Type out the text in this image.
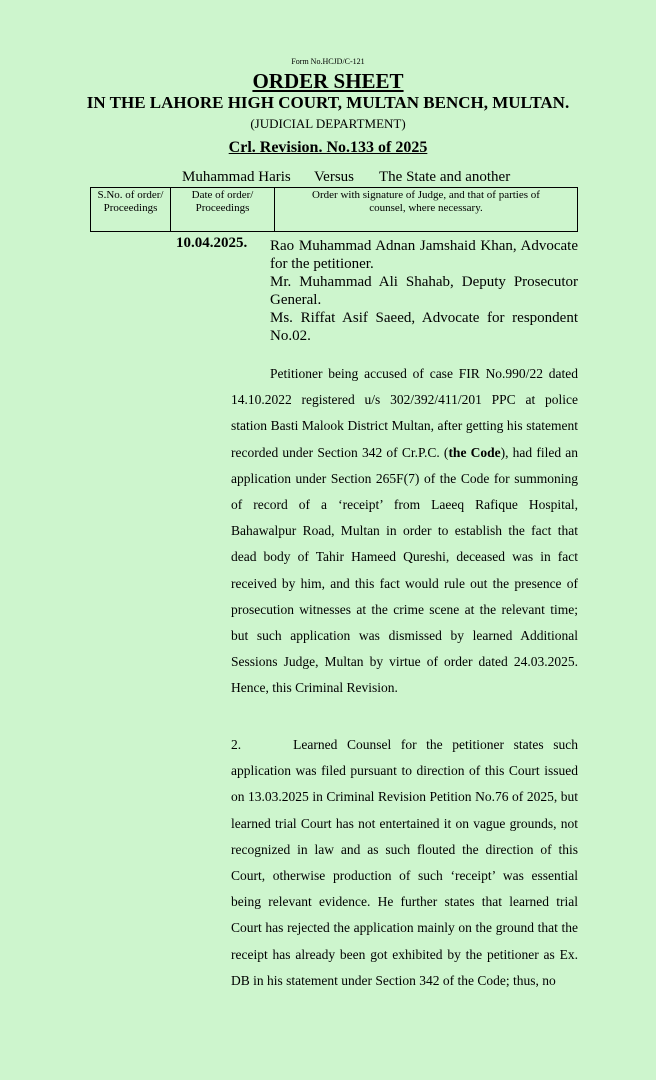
Form No.HCJD/C-121
ORDER SHEET
IN THE LAHORE HIGH COURT, MULTAN BENCH, MULTAN.
(JUDICIAL DEPARTMENT)
Crl. Revision. No.133 of 2025
Muhammad Haris Versus The State and another
S.No. of order/ Proceedings
Date of order/ Proceedings
Order with signature of Judge, and that of parties of counsel, where necessary.
10.04.2025. Rao Muhammad Adnan Jamshaid Khan, Advocate for the petitioner.
Mr. Muhammad Ali Shahab, Deputy Prosecutor General.
Ms. Riffat Asif Saeed, Advocate for respondent No.02.
Petitioner being accused of case FIR No.990/22 dated 14.10.2022 registered u/s 302/392/411/201 PPC at police station Basti Malook District Multan, after getting his statement recorded under Section 342 of Cr.P.C. (the Code), had filed an application under Section 265F(7) of the Code for summoning of record of a ‘receipt’ from Laeeq Rafique Hospital, Bahawalpur Road, Multan in order to establish the fact that dead body of Tahir Hameed Qureshi, deceased was in fact received by him, and this fact would rule out the presence of prosecution witnesses at the crime scene at the relevant time; but such application was dismissed by learned Additional Sessions Judge, Multan by virtue of order dated 24.03.2025. Hence, this Criminal Revision.
2.	Learned Counsel for the petitioner states such application was filed pursuant to direction of this Court issued on 13.03.2025 in Criminal Revision Petition No.76 of 2025, but learned trial Court has not entertained it on vague grounds, not recognized in law and as such flouted the direction of this Court, otherwise production of such ‘receipt’ was essential being relevant evidence. He further states that learned trial Court has rejected the application mainly on the ground that the receipt has already been got exhibited by the petitioner as Ex. DB in his statement under Section 342 of the Code; thus, no
